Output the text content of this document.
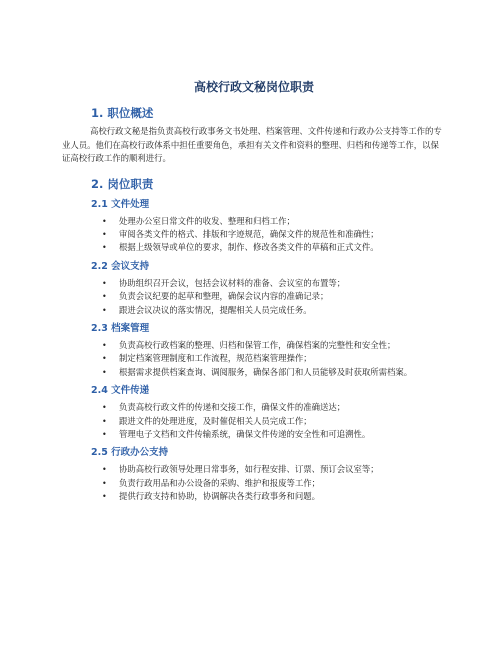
高校行政文秘岗位职责
1. 职位概述

高校行政文秘是指负责高校行政事务文书处理、档案管理、文件传递和行政办公支持等工作的专业人员。他们在高校行政体系中担任重要角色，承担有关文件和资料的整理、归档和传递等工作，以保证高校行政工作的顺利进行。

2. 岗位职责
2.1 文件处理
• 处理办公室日常文件的收发、整理和归档工作；
• 审阅各类文件的格式、排版和字迹规范，确保文件的规范性和准确性；
• 根据上级领导或单位的要求，制作、修改各类文件的草稿和正式文件。
2.2 会议支持
• 协助组织召开会议，包括会议材料的准备、会议室的布置等；
• 负责会议纪要的起草和整理，确保会议内容的准确记录；
• 跟进会议决议的落实情况，提醒相关人员完成任务。
2.3 档案管理
• 负责高校行政档案的整理、归档和保管工作，确保档案的完整性和安全性；
• 制定档案管理制度和工作流程，规范档案管理操作；
• 根据需求提供档案查询、调阅服务，确保各部门和人员能够及时获取所需档案。
2.4 文件传递
• 负责高校行政文件的传递和交接工作，确保文件的准确送达；
• 跟进文件的处理进度，及时催促相关人员完成工作；
• 管理电子文档和文件传输系统，确保文件传递的安全性和可追溯性。
2.5 行政办公支持
• 协助高校行政领导处理日常事务，如行程安排、订票、预订会议室等；
• 负责行政用品和办公设备的采购、维护和报废等工作；
• 提供行政支持和协助，协调解决各类行政事务和问题。
